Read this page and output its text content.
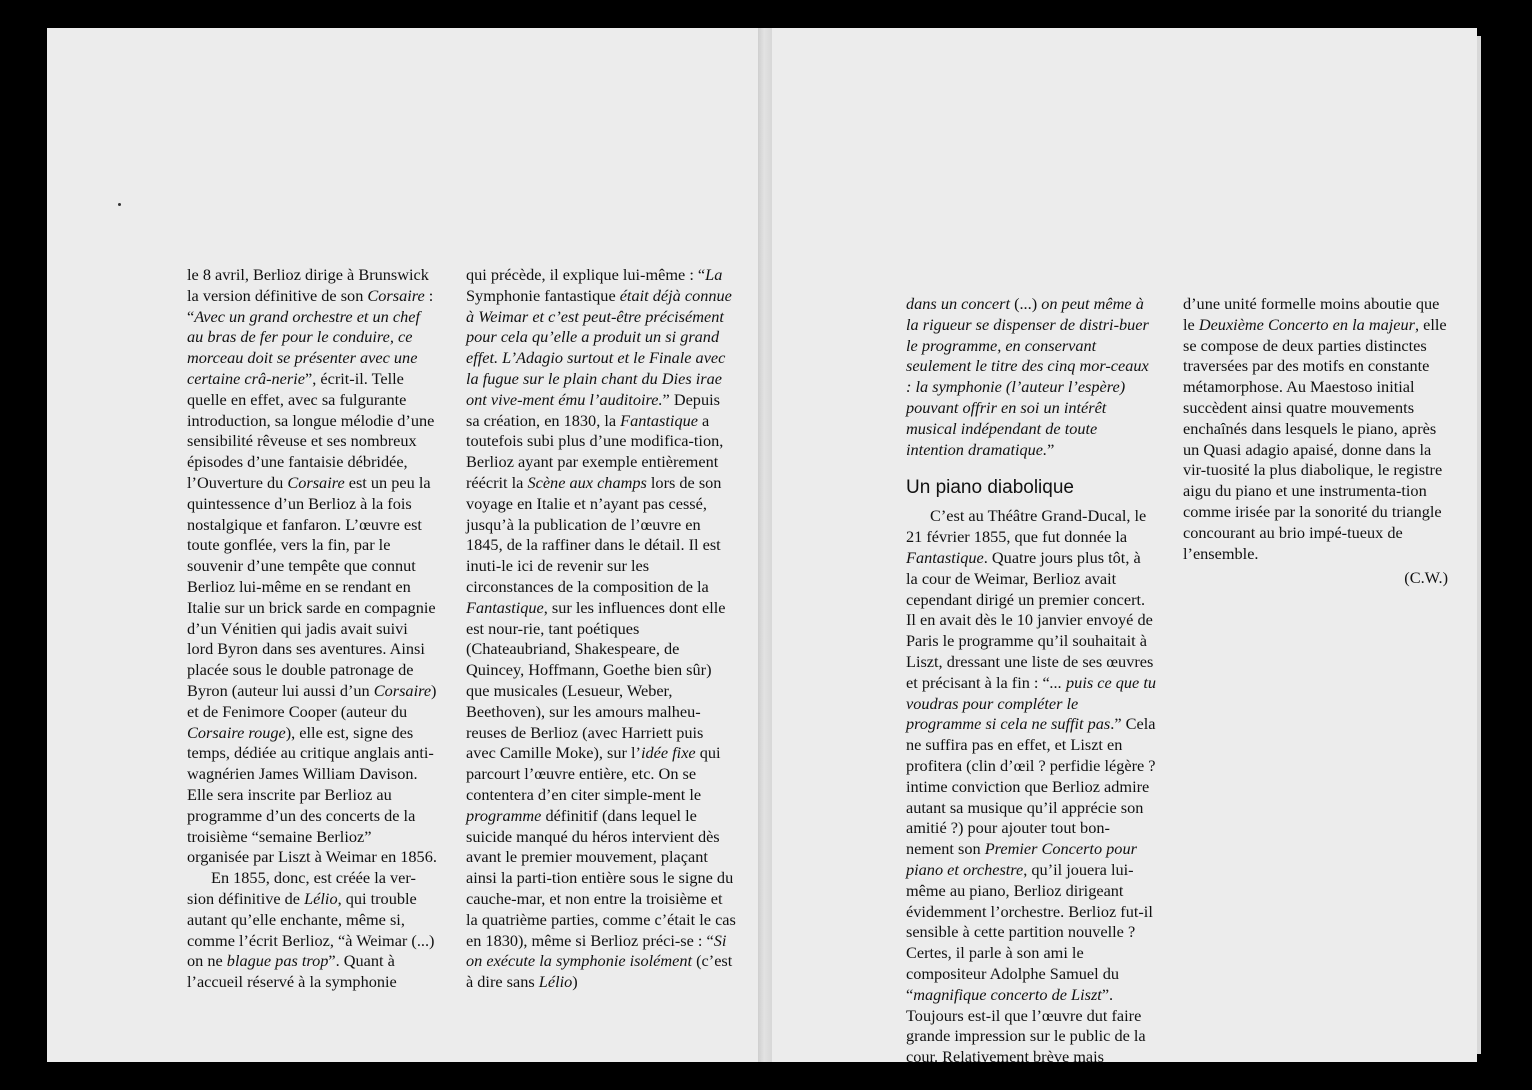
le 8 avril, Berlioz dirige à Brunswick la version définitive de son Corsaire : “Avec un grand orchestre et un chef au bras de fer pour le conduire, ce morceau doit se présenter avec une certaine crâ-nerie”, écrit-il. Telle quelle en effet, avec sa fulgurante introduction, sa longue mélodie d’une sensibilité rêveuse et ses nombreux épisodes d’une fantaisie débridée, l’Ouverture du Corsaire est un peu la quintessence d’un Berlioz à la fois nostalgique et fanfaron. L’œuvre est toute gonflée, vers la fin, par le souvenir d’une tempête que connut Berlioz lui-même en se rendant en Italie sur un brick sarde en compagnie d’un Vénitien qui jadis avait suivi lord Byron dans ses aventures. Ainsi placée sous le double patronage de Byron (auteur lui aussi d’un Corsaire) et de Fenimore Cooper (auteur du Corsaire rouge), elle est, signe des temps, dédiée au critique anglais anti-wagnérien James William Davison. Elle sera inscrite par Berlioz au programme d’un des concerts de la troisième “semaine Berlioz” organisée par Liszt à Weimar en 1856.

En 1855, donc, est créée la ver-sion définitive de Lélio, qui trouble autant qu’elle enchante, même si, comme l’écrit Berlioz, “à Weimar (...) on ne blague pas trop”. Quant à l’accueil réservé à la symphonie

qui précède, il explique lui-même : “La Symphonie fantastique était déjà connue à Weimar et c’est peut-être précisément pour cela qu’elle a produit un si grand effet. L’Adagio surtout et le Finale avec la fugue sur le plain chant du Dies irae ont vive-ment ému l’auditoire.” Depuis sa création, en 1830, la Fantastique a toutefois subi plus d’une modifica-tion, Berlioz ayant par exemple entièrement réécrit la Scène aux champs lors de son voyage en Italie et n’ayant pas cessé, jusqu’à la publication de l’œuvre en 1845, de la raffiner dans le détail. Il est inuti-le ici de revenir sur les circonstances de la composition de la Fantastique, sur les influences dont elle est nour-rie, tant poétiques (Chateaubriand, Shakespeare, de Quincey, Hoffmann, Goethe bien sûr) que musicales (Lesueur, Weber, Beethoven), sur les amours malheu-reuses de Berlioz (avec Harriett puis avec Camille Moke), sur l’idée fixe qui parcourt l’œuvre entière, etc. On se contentera d’en citer simple-ment le programme définitif (dans lequel le suicide manqué du héros intervient dès avant le premier mouvement, plaçant ainsi la parti-tion entière sous le signe du cauche-mar, et non entre la troisième et la quatrième parties, comme c’était le cas en 1830), même si Berlioz préci-se : “Si on exécute la symphonie isolément (c’est à dire sans Lélio)

dans un concert (...) on peut même à la rigueur se dispenser de distri-buer le programme, en conservant seulement le titre des cinq mor-ceaux : la symphonie (l’auteur l’espère) pouvant offrir en soi un intérêt musical indépendant de toute intention dramatique.”

Un piano diabolique

C’est au Théâtre Grand-Ducal, le 21 février 1855, que fut donnée la Fantastique. Quatre jours plus tôt, à la cour de Weimar, Berlioz avait cependant dirigé un premier concert. Il en avait dès le 10 janvier envoyé de Paris le programme qu’il souhaitait à Liszt, dressant une liste de ses œuvres et précisant à la fin : “... puis ce que tu voudras pour compléter le programme si cela ne suffit pas.” Cela ne suffira pas en effet, et Liszt en profitera (clin d’œil ? perfidie légère ? intime conviction que Berlioz admire autant sa musique qu’il apprécie son amitié ?) pour ajouter tout bon-nement son Premier Concerto pour piano et orchestre, qu’il jouera lui-même au piano, Berlioz dirigeant évidemment l’orchestre. Berlioz fut-il sensible à cette partition nouvelle ? Certes, il parle à son ami le compositeur Adolphe Samuel du “magnifique concerto de Liszt”. Toujours est-il que l’œuvre dut faire grande impression sur le public de la cour. Relativement brève mais

d’une unité formelle moins aboutie que le Deuxième Concerto en la majeur, elle se compose de deux parties distinctes traversées par des motifs en constante métamorphose. Au Maestoso initial succèdent ainsi quatre mouvements enchaînés dans lesquels le piano, après un Quasi adagio apaisé, donne dans la vir-tuosité la plus diabolique, le registre aigu du piano et une instrumenta-tion comme irisée par la sonorité du triangle concourant au brio impé-tueux de l’ensemble.

(C.W.)
